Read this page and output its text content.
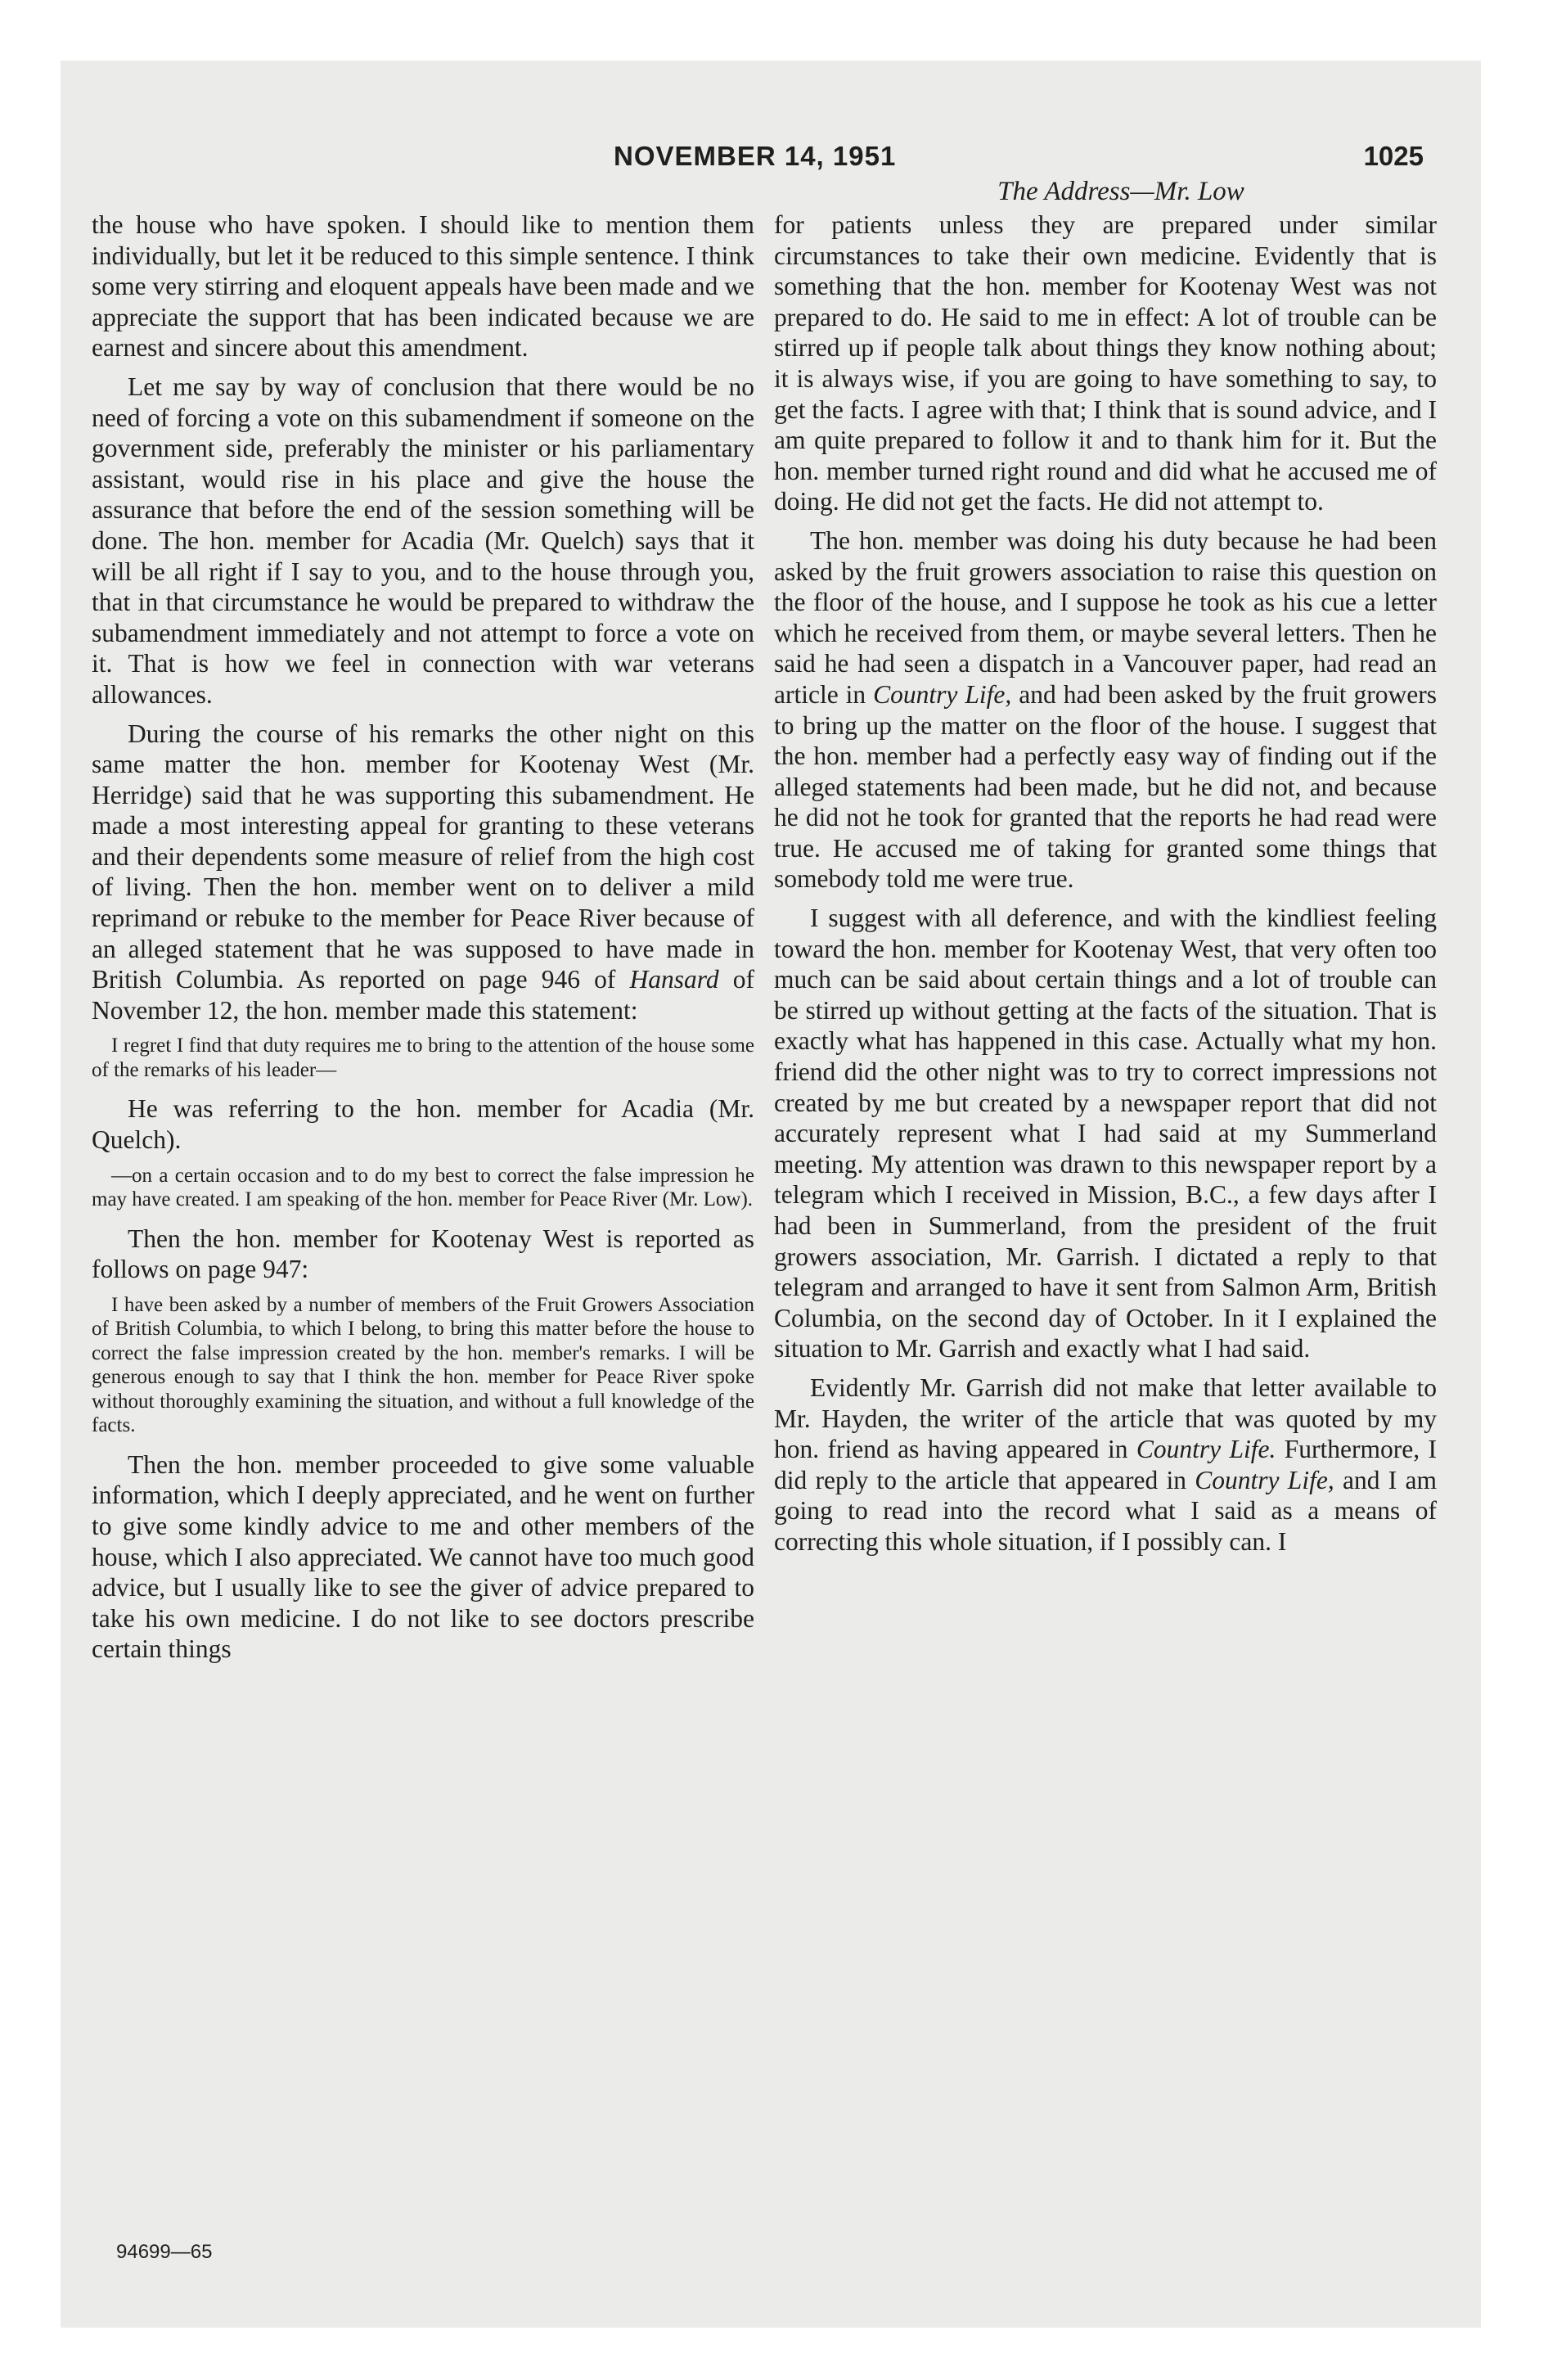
NOVEMBER 14, 1951	1025
The Address—Mr. Low

the house who have spoken. I should like to mention them individually, but let it be reduced to this simple sentence. I think some very stirring and eloquent appeals have been made and we appreciate the support that has been indicated because we are earnest and sincere about this amendment.

Let me say by way of conclusion that there would be no need of forcing a vote on this subamendment if someone on the government side, preferably the minister or his parliamentary assistant, would rise in his place and give the house the assurance that before the end of the session something will be done. The hon. member for Acadia (Mr. Quelch) says that it will be all right if I say to you, and to the house through you, that in that circumstance he would be prepared to withdraw the subamendment immediately and not attempt to force a vote on it. That is how we feel in connection with war veterans allowances.

During the course of his remarks the other night on this same matter the hon. member for Kootenay West (Mr. Herridge) said that he was supporting this subamendment. He made a most interesting appeal for granting to these veterans and their dependents some measure of relief from the high cost of living. Then the hon. member went on to deliver a mild reprimand or rebuke to the member for Peace River because of an alleged statement that he was supposed to have made in British Columbia. As reported on page 946 of Hansard of November 12, the hon. member made this statement:

I regret I find that duty requires me to bring to the attention of the house some of the remarks of his leader—

He was referring to the hon. member for Acadia (Mr. Quelch).

—on a certain occasion and to do my best to correct the false impression he may have created. I am speaking of the hon. member for Peace River (Mr. Low).

Then the hon. member for Kootenay West is reported as follows on page 947:

I have been asked by a number of members of the Fruit Growers Association of British Columbia, to which I belong, to bring this matter before the house to correct the false impression created by the hon. member's remarks. I will be generous enough to say that I think the hon. member for Peace River spoke without thoroughly examining the situation, and without a full knowledge of the facts.

Then the hon. member proceeded to give some valuable information, which I deeply appreciated, and he went on further to give some kindly advice to me and other members of the house, which I also appreciated. We cannot have too much good advice, but I usually like to see the giver of advice prepared to take his own medicine. I do not like to see doctors prescribe certain things

for patients unless they are prepared under similar circumstances to take their own medicine. Evidently that is something that the hon. member for Kootenay West was not prepared to do. He said to me in effect: A lot of trouble can be stirred up if people talk about things they know nothing about; it is always wise, if you are going to have something to say, to get the facts. I agree with that; I think that is sound advice, and I am quite prepared to follow it and to thank him for it. But the hon. member turned right round and did what he accused me of doing. He did not get the facts. He did not attempt to.

The hon. member was doing his duty because he had been asked by the fruit growers association to raise this question on the floor of the house, and I suppose he took as his cue a letter which he received from them, or maybe several letters. Then he said he had seen a dispatch in a Vancouver paper, had read an article in Country Life, and had been asked by the fruit growers to bring up the matter on the floor of the house. I suggest that the hon. member had a perfectly easy way of finding out if the alleged statements had been made, but he did not, and because he did not he took for granted that the reports he had read were true. He accused me of taking for granted some things that somebody told me were true.

I suggest with all deference, and with the kindliest feeling toward the hon. member for Kootenay West, that very often too much can be said about certain things and a lot of trouble can be stirred up without getting at the facts of the situation. That is exactly what has happened in this case. Actually what my hon. friend did the other night was to try to correct impressions not created by me but created by a newspaper report that did not accurately represent what I had said at my Summerland meeting. My attention was drawn to this newspaper report by a telegram which I received in Mission, B.C., a few days after I had been in Summerland, from the president of the fruit growers association, Mr. Garrish. I dictated a reply to that telegram and arranged to have it sent from Salmon Arm, British Columbia, on the second day of October. In it I explained the situation to Mr. Garrish and exactly what I had said.

Evidently Mr. Garrish did not make that letter available to Mr. Hayden, the writer of the article that was quoted by my hon. friend as having appeared in Country Life. Furthermore, I did reply to the article that appeared in Country Life, and I am going to read into the record what I said as a means of correcting this whole situation, if I possibly can. I

94699—65
